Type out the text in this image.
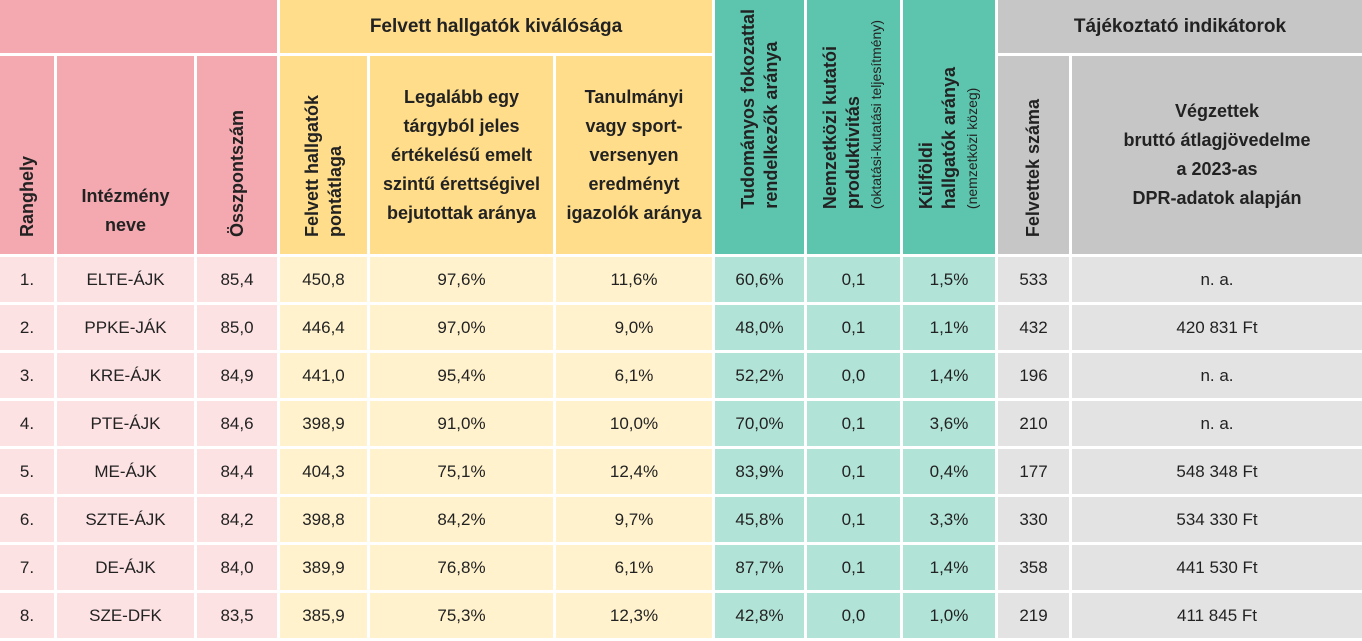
			Felvett hallgatók kiválósága			Tudományos fokozattal rendelkezők aránya	Nemzetközi kutatói produktivitás (oktatási-kutatási teljesítmény)	Külföldi hallgatók aránya (nemzetközi közeg)	Tájékoztató indikátorok	

Ranghely	Intézmény
neve	Összpontszám	Felvett hallgatók pontátlaga	Legalább egy
tárgyból jeles
értékelésű emelt
szintű érettségivel
bejutottak aránya	Tanulmányi
vagy sport-
versenyen
eredményt
igazolók aránya				Felvettek száma	Végzettek
bruttó átlagjövedelme
a 2023-as
DPR-adatok alapján
1.	ELTE-ÁJK	85,4	450,8	97,6%	11,6%	60,6%	0,1	1,5%	533	n. a.
2.	PPKE-JÁK	85,0	446,4	97,0%	9,0%	48,0%	0,1	1,1%	432	420 831 Ft
3.	KRE-ÁJK	84,9	441,0	95,4%	6,1%	52,2%	0,0	1,4%	196	n. a.
4.	PTE-ÁJK	84,6	398,9	91,0%	10,0%	70,0%	0,1	3,6%	210	n. a.
5.	ME-ÁJK	84,4	404,3	75,1%	12,4%	83,9%	0,1	0,4%	177	548 348 Ft
6.	SZTE-ÁJK	84,2	398,8	84,2%	9,7%	45,8%	0,1	3,3%	330	534 330 Ft
7.	DE-ÁJK	84,0	389,9	76,8%	6,1%	87,7%	0,1	1,4%	358	441 530 Ft
8.	SZE-DFK	83,5	385,9	75,3%	12,3%	42,8%	0,0	1,0%	219	411 845 Ft
